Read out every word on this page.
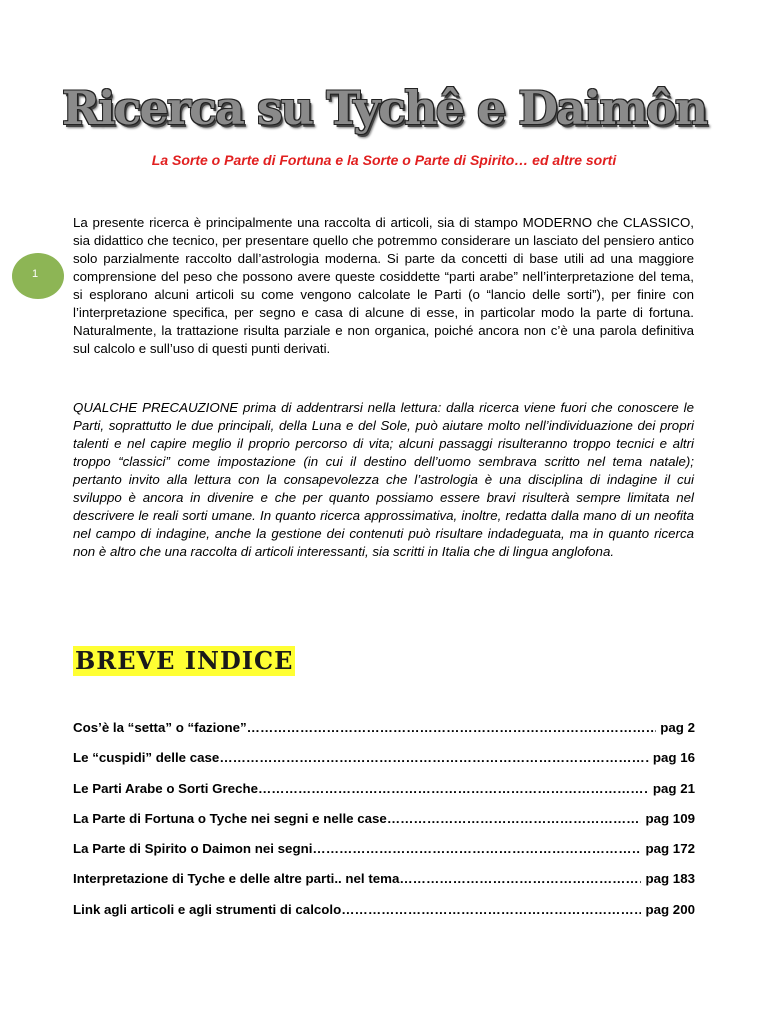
Ricerca su Tychê e Daimôn
La Sorte o Parte di Fortuna e la Sorte o Parte di Spirito… ed altre sorti
1

La presente ricerca è principalmente una raccolta di articoli, sia di stampo MODERNO che CLASSICO, sia didattico che tecnico, per presentare quello che potremmo considerare un lasciato del pensiero antico solo parzialmente raccolto dall’astrologia moderna. Si parte da concetti di base utili ad una maggiore comprensione del peso che possono avere queste cosiddette “parti arabe” nell’interpretazione del tema, si esplorano alcuni articoli su come vengono calcolate le Parti (o “lancio delle sorti”), per finire con l’interpretazione specifica, per segno e casa di alcune di esse, in particolar modo la parte di fortuna. Naturalmente, la trattazione risulta parziale e non organica, poiché ancora non c’è una parola definitiva sul calcolo e sull’uso di questi punti derivati.

QUALCHE PRECAUZIONE prima di addentrarsi nella lettura: dalla ricerca viene fuori che conoscere le Parti, soprattutto le due principali, della Luna e del Sole, può aiutare molto nell’individuazione dei propri talenti e nel capire meglio il proprio percorso di vita; alcuni passaggi risulteranno troppo tecnici e altri troppo “classici” come impostazione (in cui il destino dell’uomo sembrava scritto nel tema natale); pertanto invito alla lettura con la consapevolezza che l’astrologia è una disciplina di indagine il cui sviluppo è ancora in divenire e che per quanto possiamo essere bravi risulterà sempre limitata nel descrivere le reali sorti umane. In quanto ricerca approssimativa, inoltre, redatta dalla mano di un neofita nel campo di indagine, anche la gestione dei contenuti può risultare indadeguata, ma in quanto ricerca non è altro che una raccolta di articoli interessanti, sia scritti in Italia che di lingua anglofona.

BREVE INDICE
Cos’è la “setta” o “fazione” …………………………………………………………………………………………………………………………………………………………………………………………	pag 2
Le “cuspidi” delle case …………………………………………………………………………………………………………………………………………………………………………………………	pag 16
Le Parti Arabe o Sorti Greche …………………………………………………………………………………………………………………………………………………………………………………………	pag 21
La Parte di Fortuna o Tyche nei segni e nelle case …………………………………………………………………………………………………………………………………………………………………………………………	pag 109
La Parte di Spirito o Daimon nei segni …………………………………………………………………………………………………………………………………………………………………………………………	pag 172
Interpretazione di Tyche e delle altre parti.. nel tema …………………………………………………………………………………………………………………………………………………………………………………………	pag 183
Link agli articoli e agli strumenti di calcolo …………………………………………………………………………………………………………………………………………………………………………………………	pag 200
